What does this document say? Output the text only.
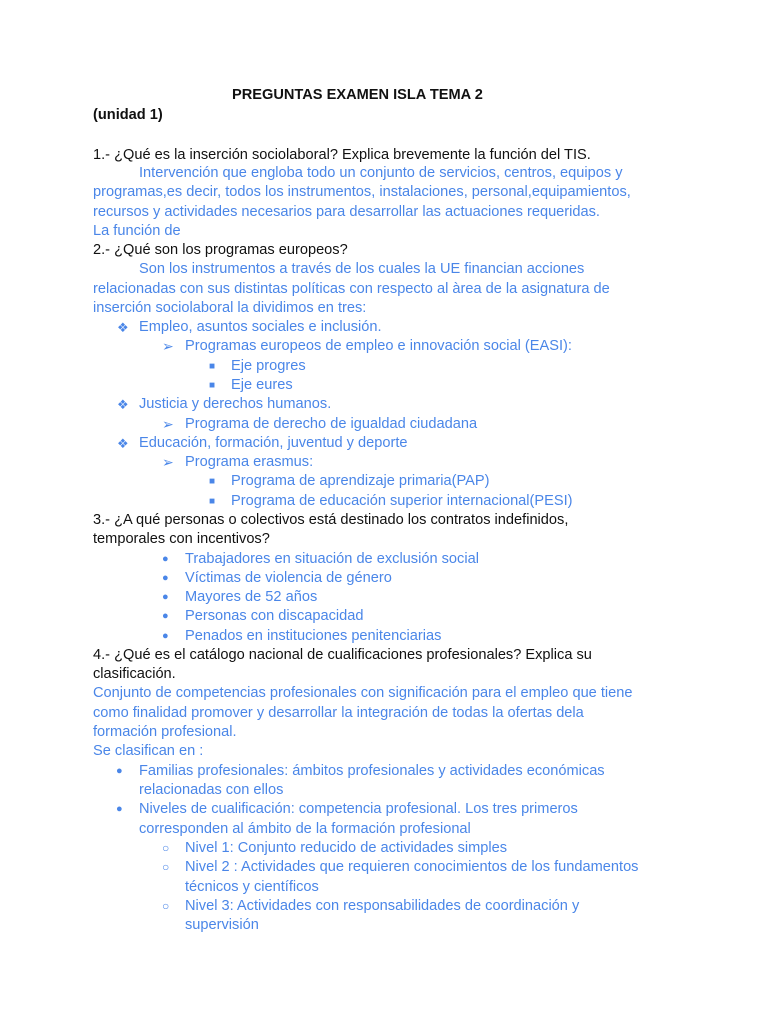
PREGUNTAS EXAMEN ISLA TEMA 2
(unidad 1)
1.- ¿Qué es la inserción sociolaboral? Explica brevemente la función del TIS.
Intervención que engloba todo un conjunto de servicios, centros, equipos y
programas,es decir, todos los instrumentos, instalaciones, personal,equipamientos,
recursos y actividades necesarios para desarrollar las actuaciones requeridas.
La función de
2.- ¿Qué son los programas europeos?
Son los instrumentos a través de los cuales la UE financian acciones
relacionadas con sus distintas políticas con respecto al àrea de la asignatura de
inserción sociolaboral la dividimos en tres:
❖ Empleo, asuntos sociales e inclusión.
➢ Programas europeos de empleo e innovación social (EASI):
■ Eje progres
■ Eje eures
❖ Justicia y derechos humanos.
➢ Programa de derecho de igualdad ciudadana
❖ Educación, formación, juventud y deporte
➢ Programa erasmus:
■ Programa de aprendizaje primaria(PAP)
■ Programa de educación superior internacional(PESI)
3.- ¿A qué personas o colectivos está destinado los contratos indefinidos,
temporales con incentivos?
● Trabajadores en situación de exclusión social
● Víctimas de violencia de género
● Mayores de 52 años
● Personas con discapacidad
● Penados en instituciones penitenciarias
4.- ¿Qué es el catálogo nacional de cualificaciones profesionales? Explica su
clasificación.
Conjunto de competencias profesionales con significación para el empleo que tiene
como finalidad promover y desarrollar la integración de todas la ofertas dela
formación profesional.
Se clasifican en :
● Familias profesionales: ámbitos profesionales y actividades económicas
relacionadas con ellos
● Niveles de cualificación: competencia profesional. Los tres primeros
corresponden al ámbito de la formación profesional
○ Nivel 1: Conjunto reducido de actividades simples
○ Nivel 2 : Actividades que requieren conocimientos de los fundamentos
técnicos y científicos
○ Nivel 3: Actividades con responsabilidades de coordinación y
supervisión
